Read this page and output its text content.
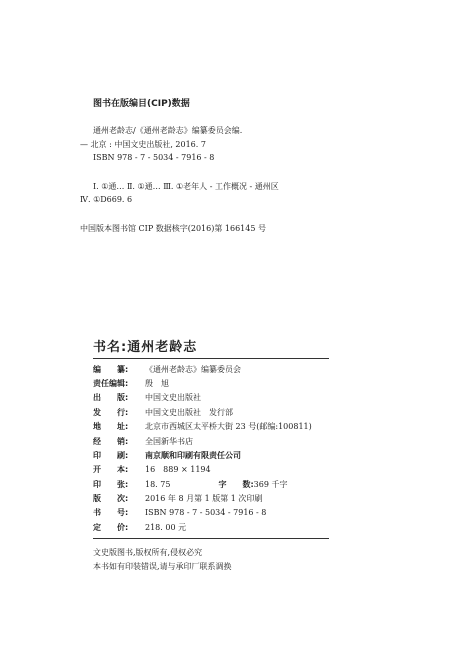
图书在版编目(CIP)数据
通州老龄志/《通州老龄志》编纂委员会编.
— 北京 : 中国文史出版社, 2016. 7
ISBN 978 - 7 - 5034 - 7916 - 8
Ⅰ. ①通… Ⅱ. ①通… Ⅲ. ①老年人 - 工作概况 - 通州区
Ⅳ. ①D669. 6
中国版本图书馆 CIP 数据核字(2016)第 166145 号
书名:通州老龄志
编　　纂: 《通州老龄志》编纂委员会
责任编辑: 殷　旭
出　　版: 中国文史出版社
发　　行: 中国文史出版社　发行部
地　　址: 北京市西城区太平桥大街 23 号(邮编:100811)
经　　销: 全国新华书店
印　　刷: 南京顺和印刷有限责任公司
开　　本: 16　889 × 1194
印　　张: 18. 75	字　　数:369 千字
版　　次: 2016 年 8 月第 1 版第 1 次印刷
书　　号: ISBN 978 - 7 - 5034 - 7916 - 8
定　　价: 218. 00 元
文史版图书,版权所有,侵权必究
本书如有印装错误,请与承印厂联系调换
